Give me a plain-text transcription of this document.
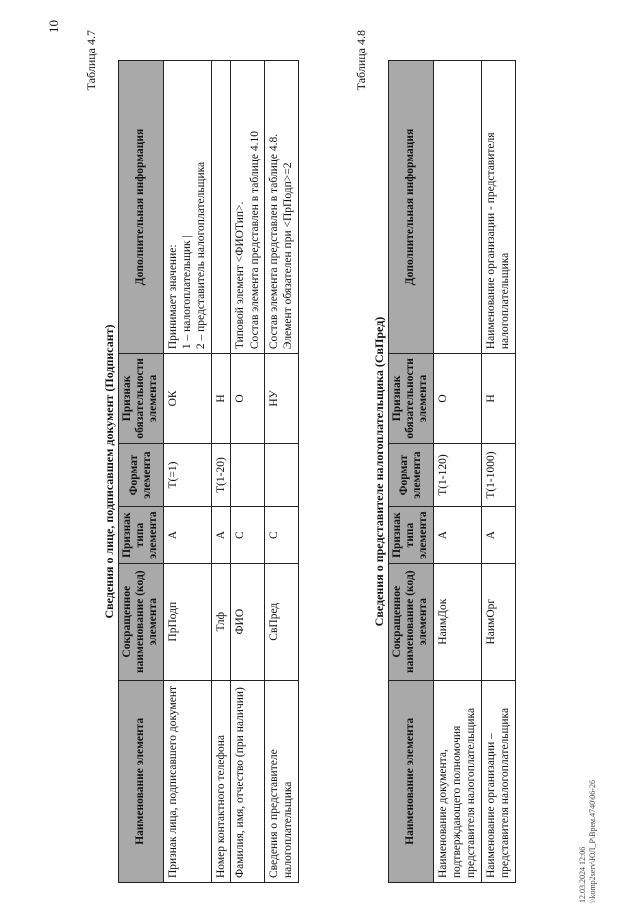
10
Таблица 4.7
Сведения о лице, подписавшем документ (Подписант)
Наименование элемента	Сокращенное наименование (код) элемента	Признак типа элемента	Формат элемента	Признак обязательности элемента	Дополнительная информация
Признак лица, подписавшего документ	ПрПодп	А	T(=1)	ОК	Принимает значение: 1 – налогоплательщик | 2 – представитель налогоплательщика

Номер контактного телефона	Тлф	А	T(1-20)	Н	
Фамилия, имя, отчество (при наличии)	ФИО	С		О	Типовой элемент <ФИОТип>. Состав элемента представлен в таблице 4.10

Сведения о представителе налогоплательщика	СвПред	С		НУ	Состав элемента представлен в таблице 4.8. Элемент обязателен при <ПрПодп>=2
Таблица 4.8
Сведения о представителе налогоплательщика (СвПред)
Наименование элемента	Сокращенное наименование (код) элемента	Признак типа элемента	Формат элемента	Признак обязательности элемента	Дополнительная информация
Наименование документа, подтверждающего полномочия представителя налогоплательщика	НаимДок	А	T(1-120)	О	
Наименование организации – представителя налогоплательщика	НаимОрг	А	T(1-1000)	Н	Наименование организации - представителя налогоплательщика
12.03.2024 12:06 \\komp2serv\ЮЛ_Р\Врем.4740\06-26
